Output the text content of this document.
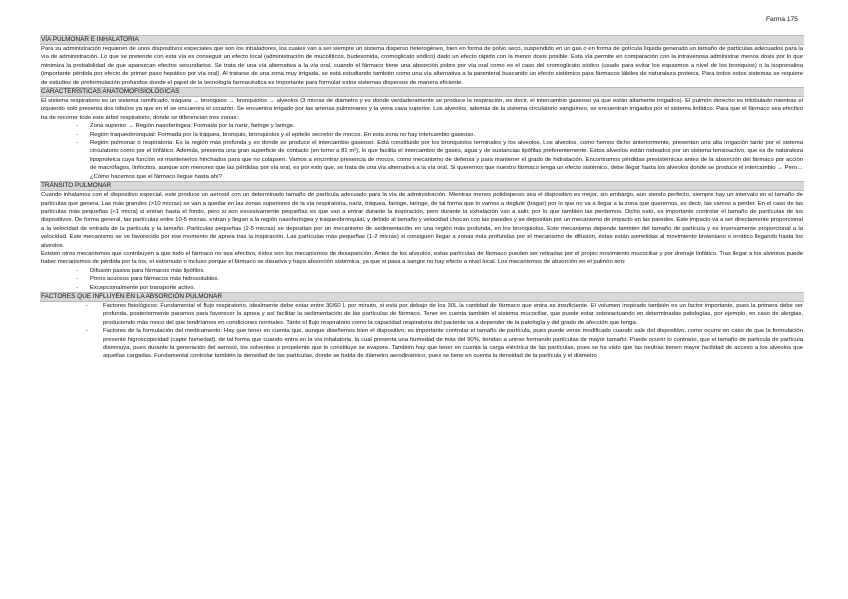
Farma 175
VÍA PULMONAR E INHALATORIA

Para su administración requieren de unos dispositivos especiales que son los inhaladores, los cuales van a ser siempre un sistema disperso heterogéneo, bien en forma de polvo seco, suspendido en un gas o en forma de gotícula líquida generado un tamaño de partículas adecuados para la vía de administración. Lo que se pretende con esta vía es conseguir un efecto local (administración de mucolíticos, budesonida, cromoglicato sódico) dado un efecto rápido con la menor dosis posible. Esta vía permite en comparación con la intravenosa administrar menos dosis por lo que minimiza la probabilidad de que aparezcan efectos secundarios. Se trata de una vía alternativa a la vía oral, cuando el fármaco tiene una absorción pobre por vía oral como es el caso del cromoglicato sódico (usado para evitar los espasmos a nivel de los bronquios) o la isoprenalina (importante pérdida por efecto de primer paso hepático por vía oral). Al tratarse de una zona muy irrigada, se está estudiando también como una vía alternativa a la parenteral buscando un efecto sistémico para fármacos lábiles de naturaleza proteica. Para todos estos sistemas se requiere de estudios de preformulación profundos donde el papel de la tecnología farmacéutica es importante para formular estos sistemas dispersos de manera eficiente.

CARACTERÍSTICAS ANATOMOFISIOLÓGICAS

El sistema respiratorio es un sistema ramificado, tráquea → bronquios → bronquiolos → alveolos (3 micras de diámetro y es donde verdaderamente se produce la respiración, es decir, el intercambio gaseoso ya que están altamente irrigados). El pulmón derecho es trilobulado mientras el izquierdo solo presenta dos lóbulos ya que en el se encuentra el corazón. Se encuentra irrigado por las arterias pulmonares y la vena cava superior. Los alveolos, además de la sistema circulatorio sanguíneo, se encuentran irrigados por el sistema linfático. Para que el fármaco sea efectivo ha de recorrer todo este árbol respiratorio, donde se diferencian tres zonas:

- Zona superior → Región nasofaríngea: Formada por la nariz, faringe y laringe.
- Región traqueobronquial: Formada por la tráquea, bronquio, bronquiolos y el epitelio secretor de mocos. En esta zona no hay intercambio gaseoso.
- Región pulmonar o respiratoria: Es la región más profunda y es donde se produce el intercambio gaseoso. Está constituido por los bronquiolos terminales y los alveolos. Los alveolos, como hemos dicho anteriormente, presentan una alta irrigación tanto por el sistema circulatorio como por el linfático. Además, presenta una gran superficie de contacto (en torno a 81 m²), lo que facilita el intercambio de gases, agua y de sustancias lipófilas preferentemente. Estos alveolos están rodeados por un sistema tensioactivo, que es de naturaleza lipoproteica cuya función es mantenerlos hinchados para que no colapsen. Vamos a encontrar presencia de mocos, como mecanismo de defensa y para mantener el grado de hidratación. Encontramos pérdidas presistémicas antes de la absorción del fármaco por acción de macrófagos, linfocitos, aunque son menores que las pérdidas por vía oral, es por esto que, se trata de una vía alternativa a la vía oral. Si queremos que nuestro fármaco tenga un efecto sistémico, debe llegar hasta los alveolos donde se produce el intercambio → Pero… ¿Cómo hacemos que el fármaco llegue hasta ahí?
TRÁNSITO PULMONAR

Cuando inhalamos con el dispositivo especial, este produce un aerosol con un determinado tamaño de partícula adecuado para la vía de administración. Mientras menos polidisperso sea el dispositivo es mejor, sin embargo, aun siendo perfecto, siempre hay un intervalo en el tamaño de partículas que genera. Las más grandes (>10 micras) se van a quedar en las zonas superiores de la vía respiratoria, nariz, tráquea, faringe, laringe, de tal forma que lo vamos a deglutir (tragar) por lo que no va a llegar a la zona que queremos, es decir, las vamos a perder. En el caso de las partículas más pequeñas (<1 micra) si entran hasta el fondo, pero si son excesivamente pequeñas es que van a entrar durante la inspiración, pero durante la exhalación van a salir, por lo que también las perdemos. Dicho esto, es importante controlar el tamaño de partículas de los dispositivos. De forma general, las partículas entre 10-5 micras, entran y llegan a la región nasofaríngea y traqueobronquial, y debido al tamaño y velocidad chocan con las paredes y se depositan por un mecanismo de impacto en las paredes. Este impacto va a ser directamente proporcional a la velocidad de entrada de la partícula y la tamaño. Partículas pequeñas (2-5 micras) se depositan por un mecanismo de sedimentación en una región más profunda, en los bronquiolos. Este mecanismo depende también del tamaño de partícula y es inversamente proporcional a la velocidad. Este mecanismo se ve favorecido por ese momento de apnea tras la inspiración. Las partículas más pequeñas (1-2 micras) si consiguen llegar a zonas más profundas por el mecanismo de difusión, éstas están sometidas al movimiento browniano o errático llegando hasta los alveolos.

Existen otros mecanismos que contribuyen a que todo el fármaco no sea efectivo, éstos son los mecanismos de desaparición. Antes de los alveolos, estas partículas de fármaco pueden ser retiradas por el propio movimiento mucociliar y por drenaje linfático. Tras llegar a los alveolos puede haber mecanismos de pérdida por la tos, el estornudo o incluso porque el fármaco se disuelva y haya absorción sistémica, ya que si pasa a sangre no hay efecto a nivel local. Los mecanismos de absorción en el pulmón son:

- Difusión pasiva para fármacos más lipófilos.
- Poros acuosos para fármacos más hidrosolubles.
- Excepcionalmente por transporte activo.
FACTORES QUE INFLUYEN EN LA ABSORCIÓN PULMONAR
- Factores fisiológicos: Fundamental el flujo respiratorio, idealmente debe estar entre 30/60 L por minuto, si está por debajo de los 30L la cantidad de fármaco que entra es insuficiente. El volumen inspirado también es un factor importante, pues la primera debe ser profunda, posteriormente paramos para favorecer la apnea y así facilitar la sedimentación de las partículas de fármaco. Tener en cuenta también el sistema mucociliar, que puede estar sobreactuando en determinadas patologías, por ejemplo, en caso de alergias, produciendo más moco del que tendríamos en condiciones normales. Tanto el flujo respiratorio como la capacidad respiratoria del paciente va a depender de la patología y del grado de afección que tenga.
- Factores de la formulación del medicamento: Hay que tener en cuenta que, aunque diseñemos bien el dispositivo, es importante controlar el tamaño de partícula, pues puede verse modificado cuando sale del dispositivo, como ocurre en caso de que la formulación presente higroscopicidad (capte humedad), de tal forma que cuando entra en la vía inhalatoria, la cual presenta una humedad de más del 90%, tiendan a unirse formando partículas de mayor tamaño. Puede ocurrir lo contrario, que el tamaño de partícula de partícula disminuya, pues durante la generación del aerosol, los solventes o propelente que lo constituye se evapore. También hay que tener en cuenta la carga eléctrica de las partículas, pues se ha visto que las neutras tienen mayor facilidad de acceso a los alveolos que aquellas cargadas. Fundamental controlar también la densidad de las partículas, donde se habla de diámetro aerodinámico, pues se tiene en cuenta la densidad de la partícula y el diámetro
